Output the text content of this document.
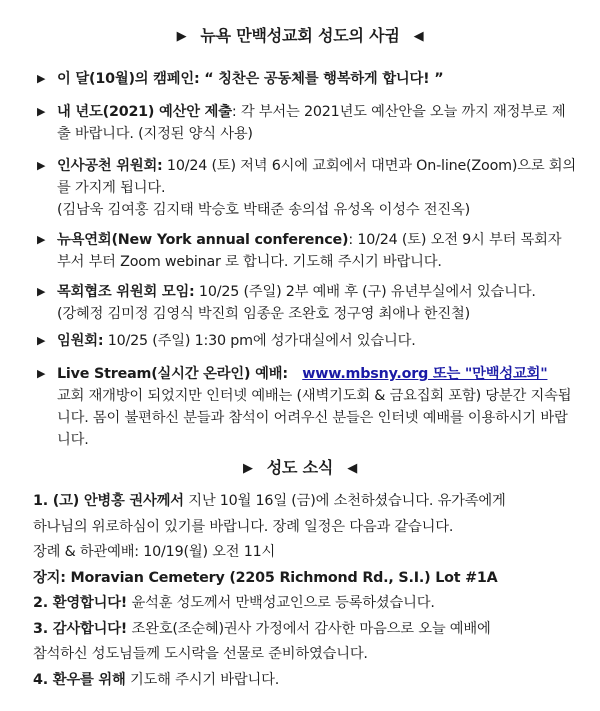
▶ 뉴욕 만백성교회 성도의 사귐 ◀
▶ 이 달(10월)의 캠페인: “ 칭찬은 공동체를 행복하게 합니다! ”
▶ 내 년도(2021) 예산안 제출: 각 부서는 2021년도 예산안을 오늘 까지 재정부로 제출 바랍니다. (지정된 양식 사용)
▶ 인사공천 위원회: 10/24 (토) 저녁 6시에 교회에서 대면과 On-line(Zoom)으로 회의를 가지게 됩니다.
(김남욱 김여홍 김지태 박승호 박태준 송의섭 유성옥 이성수 전진옥)
▶ 뉴욕연회(New York annual conference): 10/24 (토) 오전 9시 부터 목회자 부서 부터 Zoom webinar 로 합니다. 기도해 주시기 바랍니다.
▶ 목회협조 위원회 모임: 10/25 (주일) 2부 예배 후 (구) 유년부실에서 있습니다.
(강혜정 김미정 김영식 박진희 임종운 조완호 정구영 최애나 한진철)
▶ 임원회: 10/25 (주일) 1:30 pm에 성가대실에서 있습니다.
▶ Live Stream(실시간 온라인) 예배: www.mbsny.org 또는 "만백성교회"
교회 재개방이 되었지만 인터넷 예배는 (새벽기도회 & 금요집회 포함) 당분간 지속됩니다. 몸이 불편하신 분들과 참석이 어려우신 분들은 인터넷 예배를 이용하시기 바랍니다.
▶ 성도 소식 ◀
1. (고) 안병홍 권사께서 지난 10월 16일 (금)에 소천하셨습니다. 유가족에게
하나님의 위로하심이 있기를 바랍니다. 장례 일정은 다음과 같습니다.
장례 & 하관예배: 10/19(월) 오전 11시
장지: Moravian Cemetery (2205 Richmond Rd., S.I.) Lot #1A
2. 환영합니다! 윤석훈 성도께서 만백성교인으로 등록하셨습니다.
3. 감사합니다! 조완호(조순혜)권사 가정에서 감사한 마음으로 오늘 예배에
참석하신 성도님들께 도시락을 선물로 준비하였습니다.
4. 환우를 위해 기도해 주시기 바랍니다.
